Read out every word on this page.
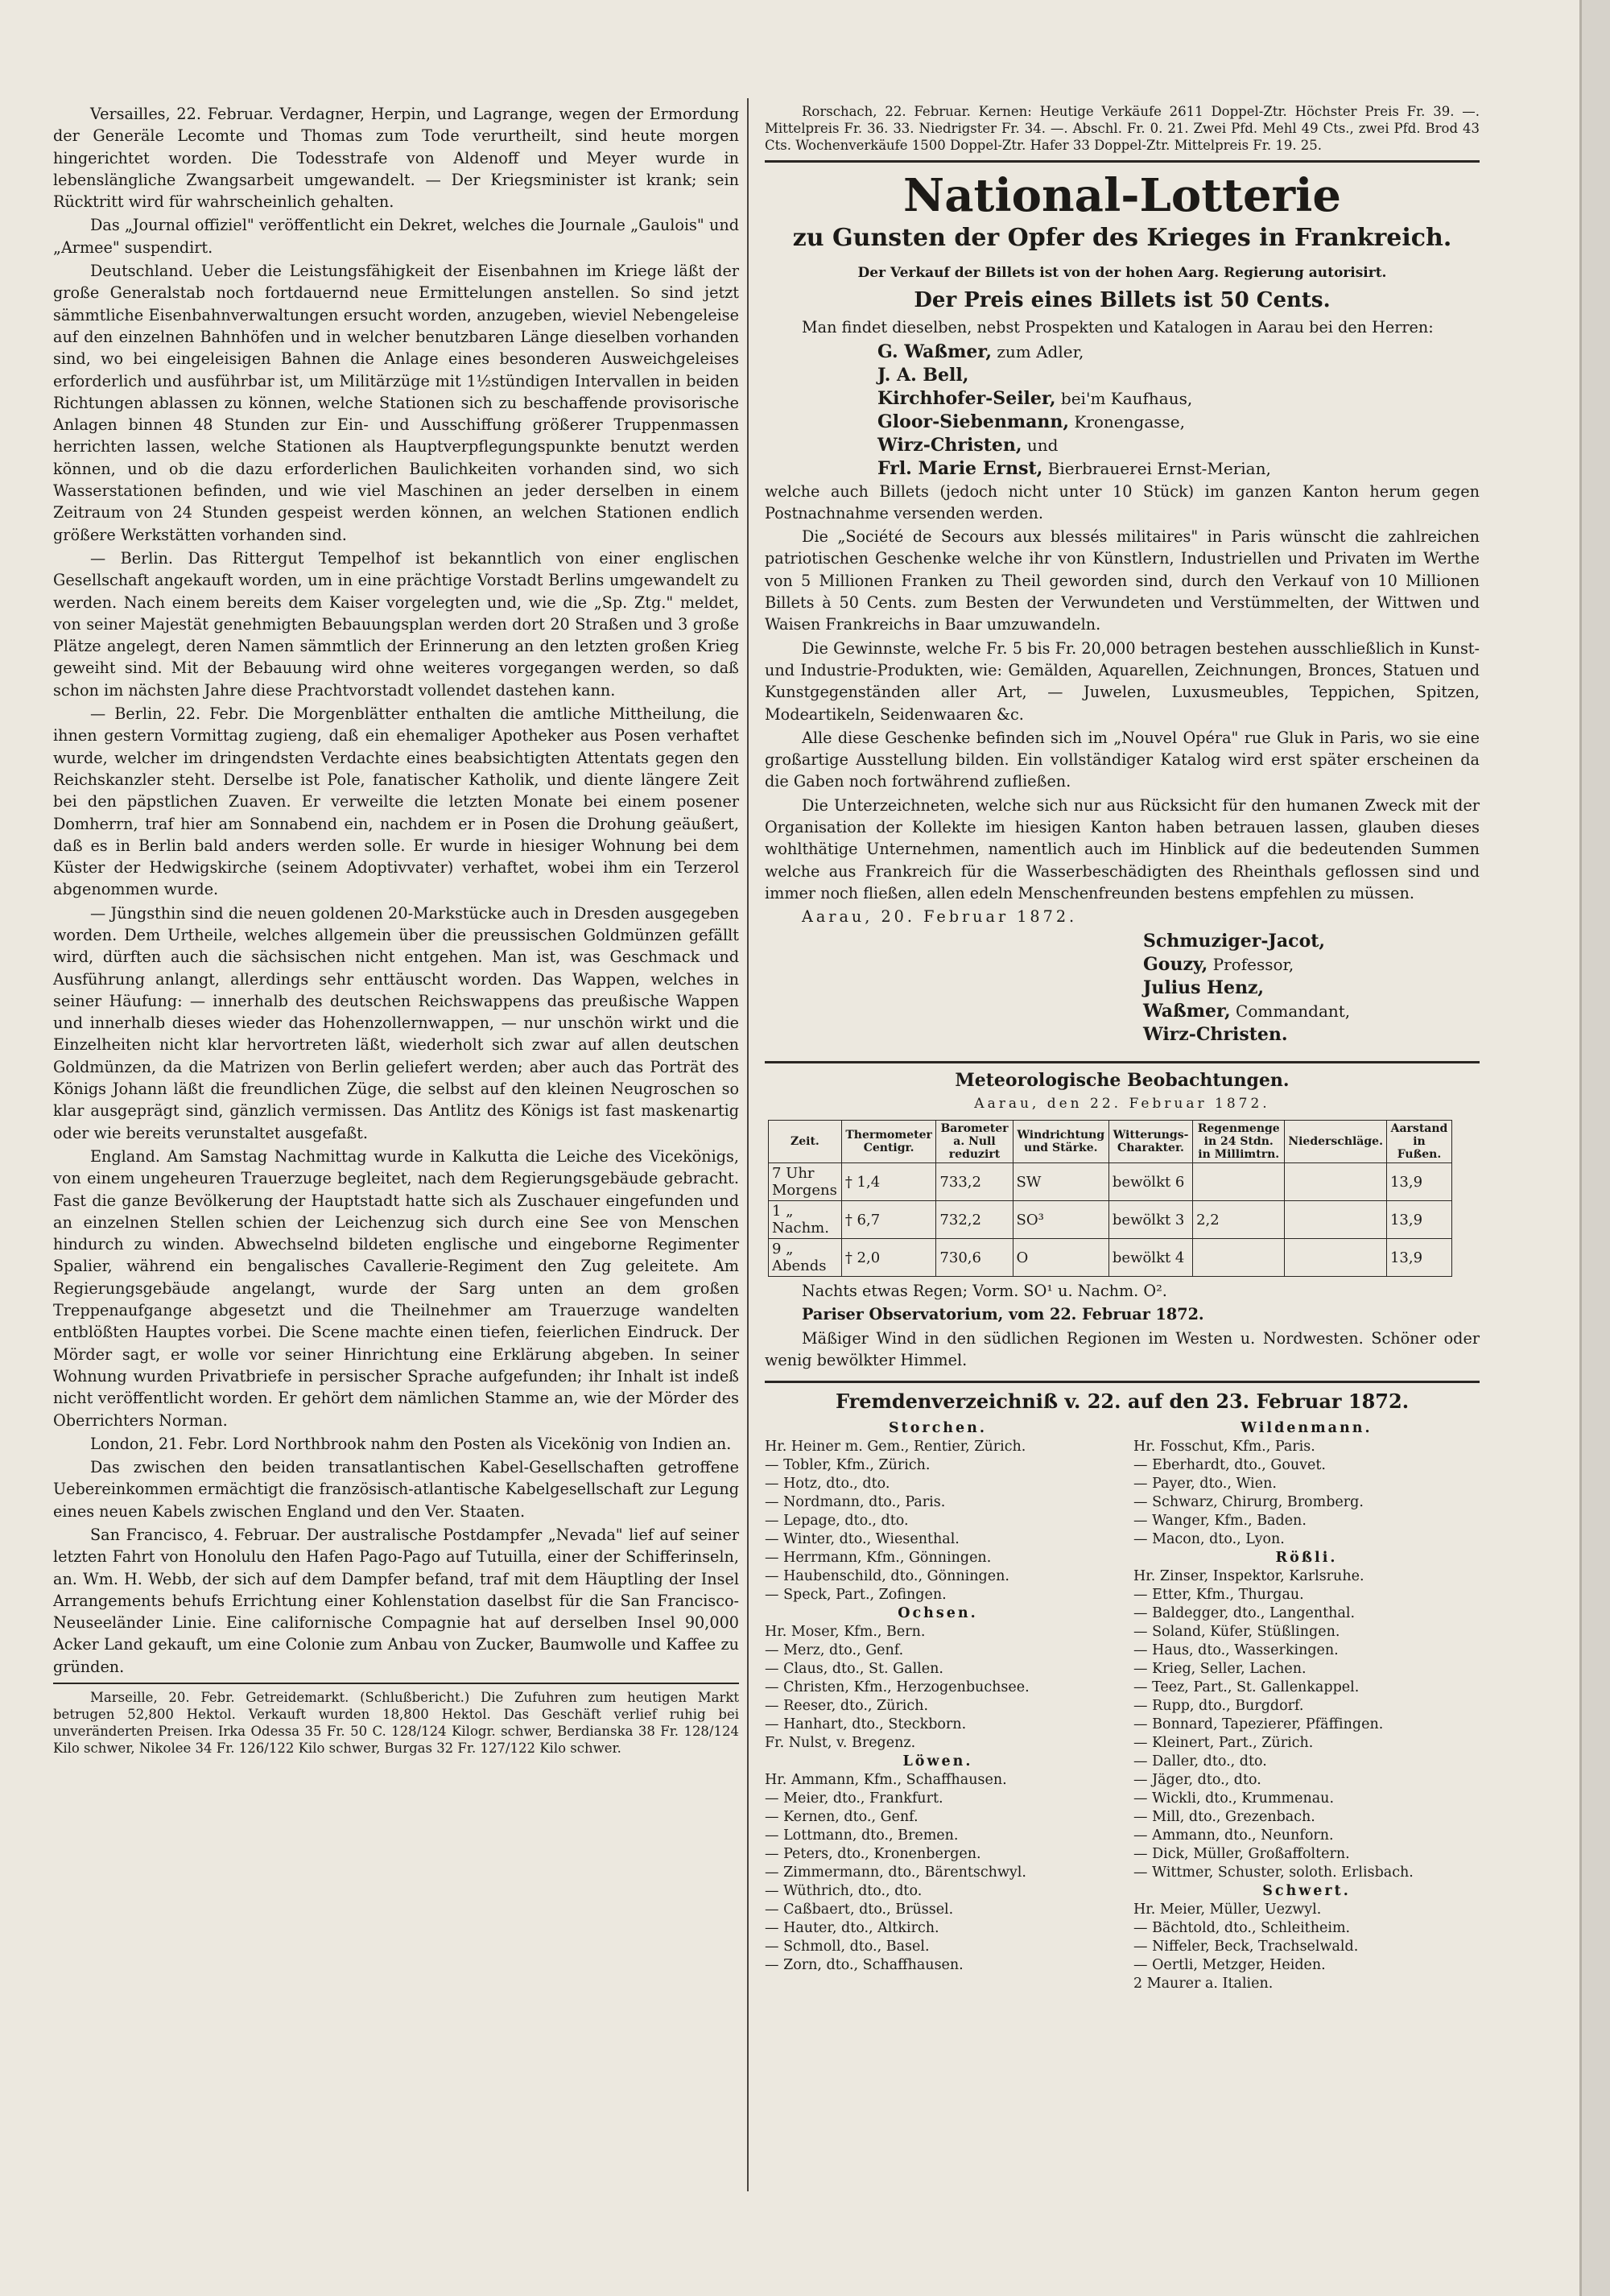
Versailles, 22. Februar. Verdagner, Herpin, und Lagrange, wegen der Ermordung der Generäle Lecomte und Thomas zum Tode verurtheilt, sind heute morgen hingerichtet worden. Die Todesstrafe von Aldenoff und Meyer wurde in lebenslängliche Zwangsarbeit umgewandelt. — Der Kriegsminister ist krank; sein Rücktritt wird für wahrscheinlich gehalten.

Das „Journal offiziel" veröffentlicht ein Dekret, welches die Journale „Gaulois" und „Armee" suspendirt.

Deutschland. Ueber die Leistungsfähigkeit der Eisenbahnen im Kriege läßt der große Generalstab noch fortdauernd neue Ermittelungen anstellen. So sind jetzt sämmtliche Eisenbahnverwaltungen ersucht worden, anzugeben, wieviel Nebengeleise auf den einzelnen Bahnhöfen und in welcher benutzbaren Länge dieselben vorhanden sind, wo bei eingeleisigen Bahnen die Anlage eines besonderen Ausweichgeleises erforderlich und ausführbar ist, um Militärzüge mit 1½stündigen Intervallen in beiden Richtungen ablassen zu können, welche Stationen sich zu beschaffende provisorische Anlagen binnen 48 Stunden zur Ein- und Ausschiffung größerer Truppenmassen herrichten lassen, welche Stationen als Hauptverpflegungspunkte benutzt werden können, und ob die dazu erforderlichen Baulichkeiten vorhanden sind, wo sich Wasserstationen befinden, und wie viel Maschinen an jeder derselben in einem Zeitraum von 24 Stunden gespeist werden können, an welchen Stationen endlich größere Werkstätten vorhanden sind.

— Berlin. Das Rittergut Tempelhof ist bekanntlich von einer englischen Gesellschaft angekauft worden, um in eine prächtige Vorstadt Berlins umgewandelt zu werden. Nach einem bereits dem Kaiser vorgelegten und, wie die „Sp. Ztg." meldet, von seiner Majestät genehmigten Bebauungsplan werden dort 20 Straßen und 3 große Plätze angelegt, deren Namen sämmtlich der Erinnerung an den letzten großen Krieg geweiht sind. Mit der Bebauung wird ohne weiteres vorgegangen werden, so daß schon im nächsten Jahre diese Prachtvorstadt vollendet dastehen kann.

— Berlin, 22. Febr. Die Morgenblätter enthalten die amtliche Mittheilung, die ihnen gestern Vormittag zugieng, daß ein ehemaliger Apotheker aus Posen verhaftet wurde, welcher im dringendsten Verdachte eines beabsichtigten Attentats gegen den Reichskanzler steht. Derselbe ist Pole, fanatischer Katholik, und diente längere Zeit bei den päpstlichen Zuaven. Er verweilte die letzten Monate bei einem posener Domherrn, traf hier am Sonnabend ein, nachdem er in Posen die Drohung geäußert, daß es in Berlin bald anders werden solle. Er wurde in hiesiger Wohnung bei dem Küster der Hedwigskirche (seinem Adoptivvater) verhaftet, wobei ihm ein Terzerol abgenommen wurde.

— Jüngsthin sind die neuen goldenen 20-Markstücke auch in Dresden ausgegeben worden. Dem Urtheile, welches allgemein über die preussischen Goldmünzen gefällt wird, dürften auch die sächsischen nicht entgehen. Man ist, was Geschmack und Ausführung anlangt, allerdings sehr enttäuscht worden. Das Wappen, welches in seiner Häufung: — innerhalb des deutschen Reichswappens das preußische Wappen und innerhalb dieses wieder das Hohenzollernwappen, — nur unschön wirkt und die Einzelheiten nicht klar hervortreten läßt, wiederholt sich zwar auf allen deutschen Goldmünzen, da die Matrizen von Berlin geliefert werden; aber auch das Porträt des Königs Johann läßt die freundlichen Züge, die selbst auf den kleinen Neugroschen so klar ausgeprägt sind, gänzlich vermissen. Das Antlitz des Königs ist fast maskenartig oder wie bereits verunstaltet ausgefaßt.

England. Am Samstag Nachmittag wurde in Kalkutta die Leiche des Vicekönigs, von einem ungeheuren Trauerzuge begleitet, nach dem Regierungsgebäude gebracht. Fast die ganze Bevölkerung der Hauptstadt hatte sich als Zuschauer eingefunden und an einzelnen Stellen schien der Leichenzug sich durch eine See von Menschen hindurch zu winden. Abwechselnd bildeten englische und eingeborne Regimenter Spalier, während ein bengalisches Cavallerie-Regiment den Zug geleitete. Am Regierungsgebäude angelangt, wurde der Sarg unten an dem großen Treppenaufgange abgesetzt und die Theilnehmer am Trauerzuge wandelten entblößten Hauptes vorbei. Die Scene machte einen tiefen, feierlichen Eindruck. Der Mörder sagt, er wolle vor seiner Hinrichtung eine Erklärung abgeben. In seiner Wohnung wurden Privatbriefe in persischer Sprache aufgefunden; ihr Inhalt ist indeß nicht veröffentlicht worden. Er gehört dem nämlichen Stamme an, wie der Mörder des Oberrichters Norman.

London, 21. Febr. Lord Northbrook nahm den Posten als Vicekönig von Indien an.

Das zwischen den beiden transatlantischen Kabel-Gesellschaften getroffene Uebereinkommen ermächtigt die französisch-atlantische Kabelgesellschaft zur Legung eines neuen Kabels zwischen England und den Ver. Staaten.

San Francisco, 4. Februar. Der australische Postdampfer „Nevada" lief auf seiner letzten Fahrt von Honolulu den Hafen Pago-Pago auf Tutuilla, einer der Schifferinseln, an. Wm. H. Webb, der sich auf dem Dampfer befand, traf mit dem Häuptling der Insel Arrangements behufs Errichtung einer Kohlenstation daselbst für die San Francisco-Neuseeländer Linie. Eine californische Compagnie hat auf derselben Insel 90,000 Acker Land gekauft, um eine Colonie zum Anbau von Zucker, Baumwolle und Kaffee zu gründen.

Marseille, 20. Febr. Getreidemarkt. (Schlußbericht.) Die Zufuhren zum heutigen Markt betrugen 52,800 Hektol. Verkauft wurden 18,800 Hektol. Das Geschäft verlief ruhig bei unveränderten Preisen. Irka Odessa 35 Fr. 50 C. 128/124 Kilogr. schwer, Berdianska 38 Fr. 128/124 Kilo schwer, Nikolee 34 Fr. 126/122 Kilo schwer, Burgas 32 Fr. 127/122 Kilo schwer.

Rorschach, 22. Februar. Kernen: Heutige Verkäufe 2611 Doppel-Ztr. Höchster Preis Fr. 39. —. Mittelpreis Fr. 36. 33. Niedrigster Fr. 34. —. Abschl. Fr. 0. 21. Zwei Pfd. Mehl 49 Cts., zwei Pfd. Brod 43 Cts. Wochenverkäufe 1500 Doppel-Ztr. Hafer 33 Doppel-Ztr. Mittelpreis Fr. 19. 25.

National-Lotterie
zu Gunsten der Opfer des Krieges in Frankreich.

Der Verkauf der Billets ist von der hohen Aarg. Regierung autorisirt.

Der Preis eines Billets ist 50 Cents.

Man findet dieselben, nebst Prospekten und Katalogen in Aarau bei den Herren:

G. Waßmer, zum Adler,
J. A. Bell,
Kirchhofer-Seiler, bei'm Kaufhaus,
Gloor-Siebenmann, Kronengasse,
Wirz-Christen, und
Frl. Marie Ernst, Bierbrauerei Ernst-Merian,

welche auch Billets (jedoch nicht unter 10 Stück) im ganzen Kanton herum gegen Postnachnahme versenden werden.

Die „Société de Secours aux blessés militaires" in Paris wünscht die zahlreichen patriotischen Geschenke welche ihr von Künstlern, Industriellen und Privaten im Werthe von 5 Millionen Franken zu Theil geworden sind, durch den Verkauf von 10 Millionen Billets à 50 Cents. zum Besten der Verwundeten und Verstümmelten, der Wittwen und Waisen Frankreichs in Baar umzuwandeln.

Die Gewinnste, welche Fr. 5 bis Fr. 20,000 betragen bestehen ausschließlich in Kunst- und Industrie-Produkten, wie: Gemälden, Aquarellen, Zeichnungen, Bronces, Statuen und Kunstgegenständen aller Art, — Juwelen, Luxusmeubles, Teppichen, Spitzen, Modeartikeln, Seidenwaaren &c.

Alle diese Geschenke befinden sich im „Nouvel Opéra" rue Gluk in Paris, wo sie eine großartige Ausstellung bilden. Ein vollständiger Katalog wird erst später erscheinen da die Gaben noch fortwährend zufließen.

Die Unterzeichneten, welche sich nur aus Rücksicht für den humanen Zweck mit der Organisation der Kollekte im hiesigen Kanton haben betrauen lassen, glauben dieses wohlthätige Unternehmen, namentlich auch im Hinblick auf die bedeutenden Summen welche aus Frankreich für die Wasserbeschädigten des Rheinthals geflossen sind und immer noch fließen, allen edeln Menschenfreunden bestens empfehlen zu müssen.

Aarau, 20. Februar 1872.

Schmuziger-Jacot,
Gouzy, Professor,
Julius Henz,
Waßmer, Commandant,
Wirz-Christen.

Meteorologische Beobachtungen.

Aarau, den 22. Februar 1872.

Zeit.	Thermometer Centigr.	Barometer a. Null reduzirt	Windrichtung und Stärke.	Witterungs-Charakter.	Regenmenge in 24 Stdn. in Millimtrn.	Niederschläge.	Aarstand in Fußen.
7 Uhr Morgens	† 1,4	733,2	SW	bewölkt 6			13,9
1 „ Nachm.	† 6,7	732,2	SO³	bewölkt 3	2,2		13,9
9 „ Abends	† 2,0	730,6	O	bewölkt 4			13,9

Nachts etwas Regen; Vorm. SO¹ u. Nachm. O².

Pariser Observatorium, vom 22. Februar 1872.

Mäßiger Wind in den südlichen Regionen im Westen u. Nordwesten. Schöner oder wenig bewölkter Himmel.

Fremdenverzeichniß v. 22. auf den 23. Februar 1872.
Storchen.
Hr. Heiner m. Gem., Rentier, Zürich.
— Tobler, Kfm., Zürich.
— Hotz, dto., dto.
— Nordmann, dto., Paris.
— Lepage, dto., dto.
— Winter, dto., Wiesenthal.
— Herrmann, Kfm., Gönningen.
— Haubenschild, dto., Gönningen.
— Speck, Part., Zofingen.
Ochsen.
Hr. Moser, Kfm., Bern.
— Merz, dto., Genf.
— Claus, dto., St. Gallen.
— Christen, Kfm., Herzogenbuchsee.
— Reeser, dto., Zürich.
— Hanhart, dto., Steckborn.
Fr. Nulst, v. Bregenz.
Löwen.
Hr. Ammann, Kfm., Schaffhausen.
— Meier, dto., Frankfurt.
— Kernen, dto., Genf.
— Lottmann, dto., Bremen.
— Peters, dto., Kronenbergen.
— Zimmermann, dto., Bärentschwyl.
— Wüthrich, dto., dto.
— Caßbaert, dto., Brüssel.
— Hauter, dto., Altkirch.
— Schmoll, dto., Basel.
— Zorn, dto., Schaffhausen.
Wildenmann.
Hr. Fosschut, Kfm., Paris.
— Eberhardt, dto., Gouvet.
— Payer, dto., Wien.
— Schwarz, Chirurg, Bromberg.
— Wanger, Kfm., Baden.
— Macon, dto., Lyon.
Rößli.
Hr. Zinser, Inspektor, Karlsruhe.
— Etter, Kfm., Thurgau.
— Baldegger, dto., Langenthal.
— Soland, Küfer, Stüßlingen.
— Haus, dto., Wasserkingen.
— Krieg, Seller, Lachen.
— Teez, Part., St. Gallenkappel.
— Rupp, dto., Burgdorf.
— Bonnard, Tapezierer, Pfäffingen.
— Kleinert, Part., Zürich.
— Daller, dto., dto.
— Jäger, dto., dto.
— Wickli, dto., Krummenau.
— Mill, dto., Grezenbach.
— Ammann, dto., Neunforn.
— Dick, Müller, Großaffoltern.
— Wittmer, Schuster, soloth. Erlisbach.
Schwert.
Hr. Meier, Müller, Uezwyl.
— Bächtold, dto., Schleitheim.
— Niffeler, Beck, Trachselwald.
— Oertli, Metzger, Heiden.
2 Maurer a. Italien.
